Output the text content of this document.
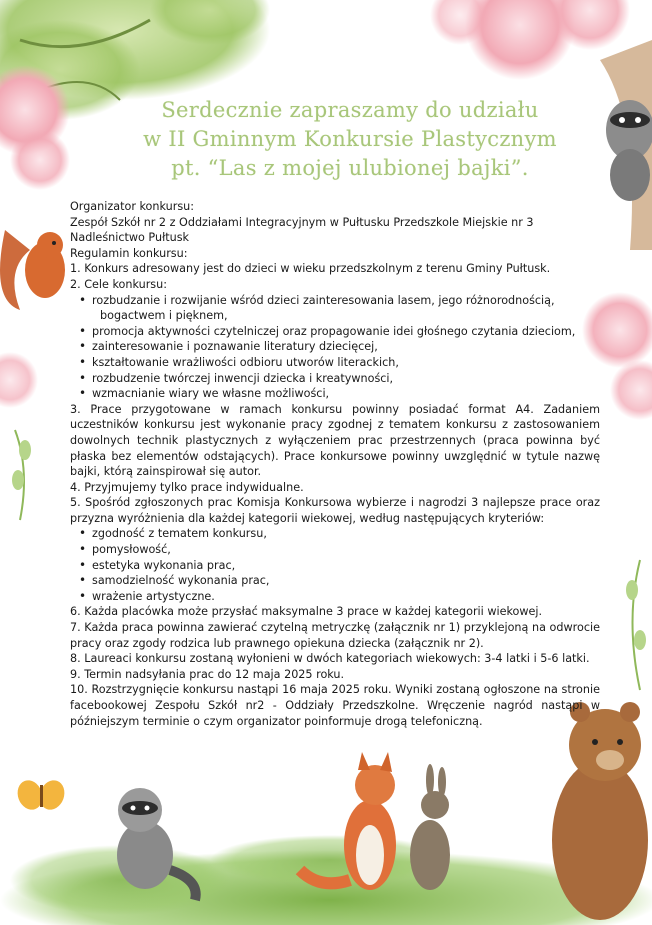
Serdecznie zapraszamy do udziału
w II Gminnym Konkursie Plastycznym
pt. “Las z mojej ulubionej bajki”.

Organizator konkursu:

Zespół Szkół nr 2 z Oddziałami Integracyjnym w Pułtusku Przedszkole Miejskie nr 3

Nadleśnictwo Pułtusk

Regulamin konkursu:

1. Konkurs adresowany jest do dzieci w wieku przedszkolnym z terenu Gminy Pułtusk.

2. Cele konkursu:

• rozbudzanie i rozwijanie wśród dzieci zainteresowania lasem, jego różnorodnością,
bogactwem i pięknem,
• promocja aktywności czytelniczej oraz propagowanie idei głośnego czytania dzieciom,
• zainteresowanie i poznawanie literatury dziecięcej,
• kształtowanie wrażliwości odbioru utworów literackich,
• rozbudzenie twórczej inwencji dziecka i kreatywności,
• wzmacnianie wiary we własne możliwości,

3. Prace przygotowane w ramach konkursu powinny posiadać format A4. Zadaniem uczestników konkursu jest wykonanie pracy zgodnej z tematem konkursu z zastosowaniem dowolnych technik plastycznych z wyłączeniem prac przestrzennych (praca powinna być płaska bez elementów odstających). Prace konkursowe powinny uwzględnić w tytule nazwę bajki, którą zainspirował się autor.

4. Przyjmujemy tylko prace indywidualne.

5. Spośród zgłoszonych prac Komisja Konkursowa wybierze i nagrodzi 3 najlepsze prace oraz przyzna wyróżnienia dla każdej kategorii wiekowej, według następujących kryteriów:

• zgodność z tematem konkursu,
• pomysłowość,
• estetyka wykonania prac,
• samodzielność wykonania prac,
• wrażenie artystyczne.

6. Każda placówka może przysłać maksymalne 3 prace w każdej kategorii wiekowej.

7. Każda praca powinna zawierać czytelną metryczkę (załącznik nr 1) przyklejoną na odwrocie pracy oraz zgody rodzica lub prawnego opiekuna dziecka (załącznik nr 2).

8. Laureaci konkursu zostaną wyłonieni w dwóch kategoriach wiekowych: 3-4 latki i 5-6 latki.

9. Termin nadsyłania prac do 12 maja 2025 roku.

10. Rozstrzygnięcie konkursu nastąpi 16 maja 2025 roku. Wyniki zostaną ogłoszone na stronie facebookowej Zespołu Szkół nr2 - Oddziały Przedszkolne. Wręczenie nagród nastąpi w późniejszym terminie o czym organizator poinformuje drogą telefoniczną.
